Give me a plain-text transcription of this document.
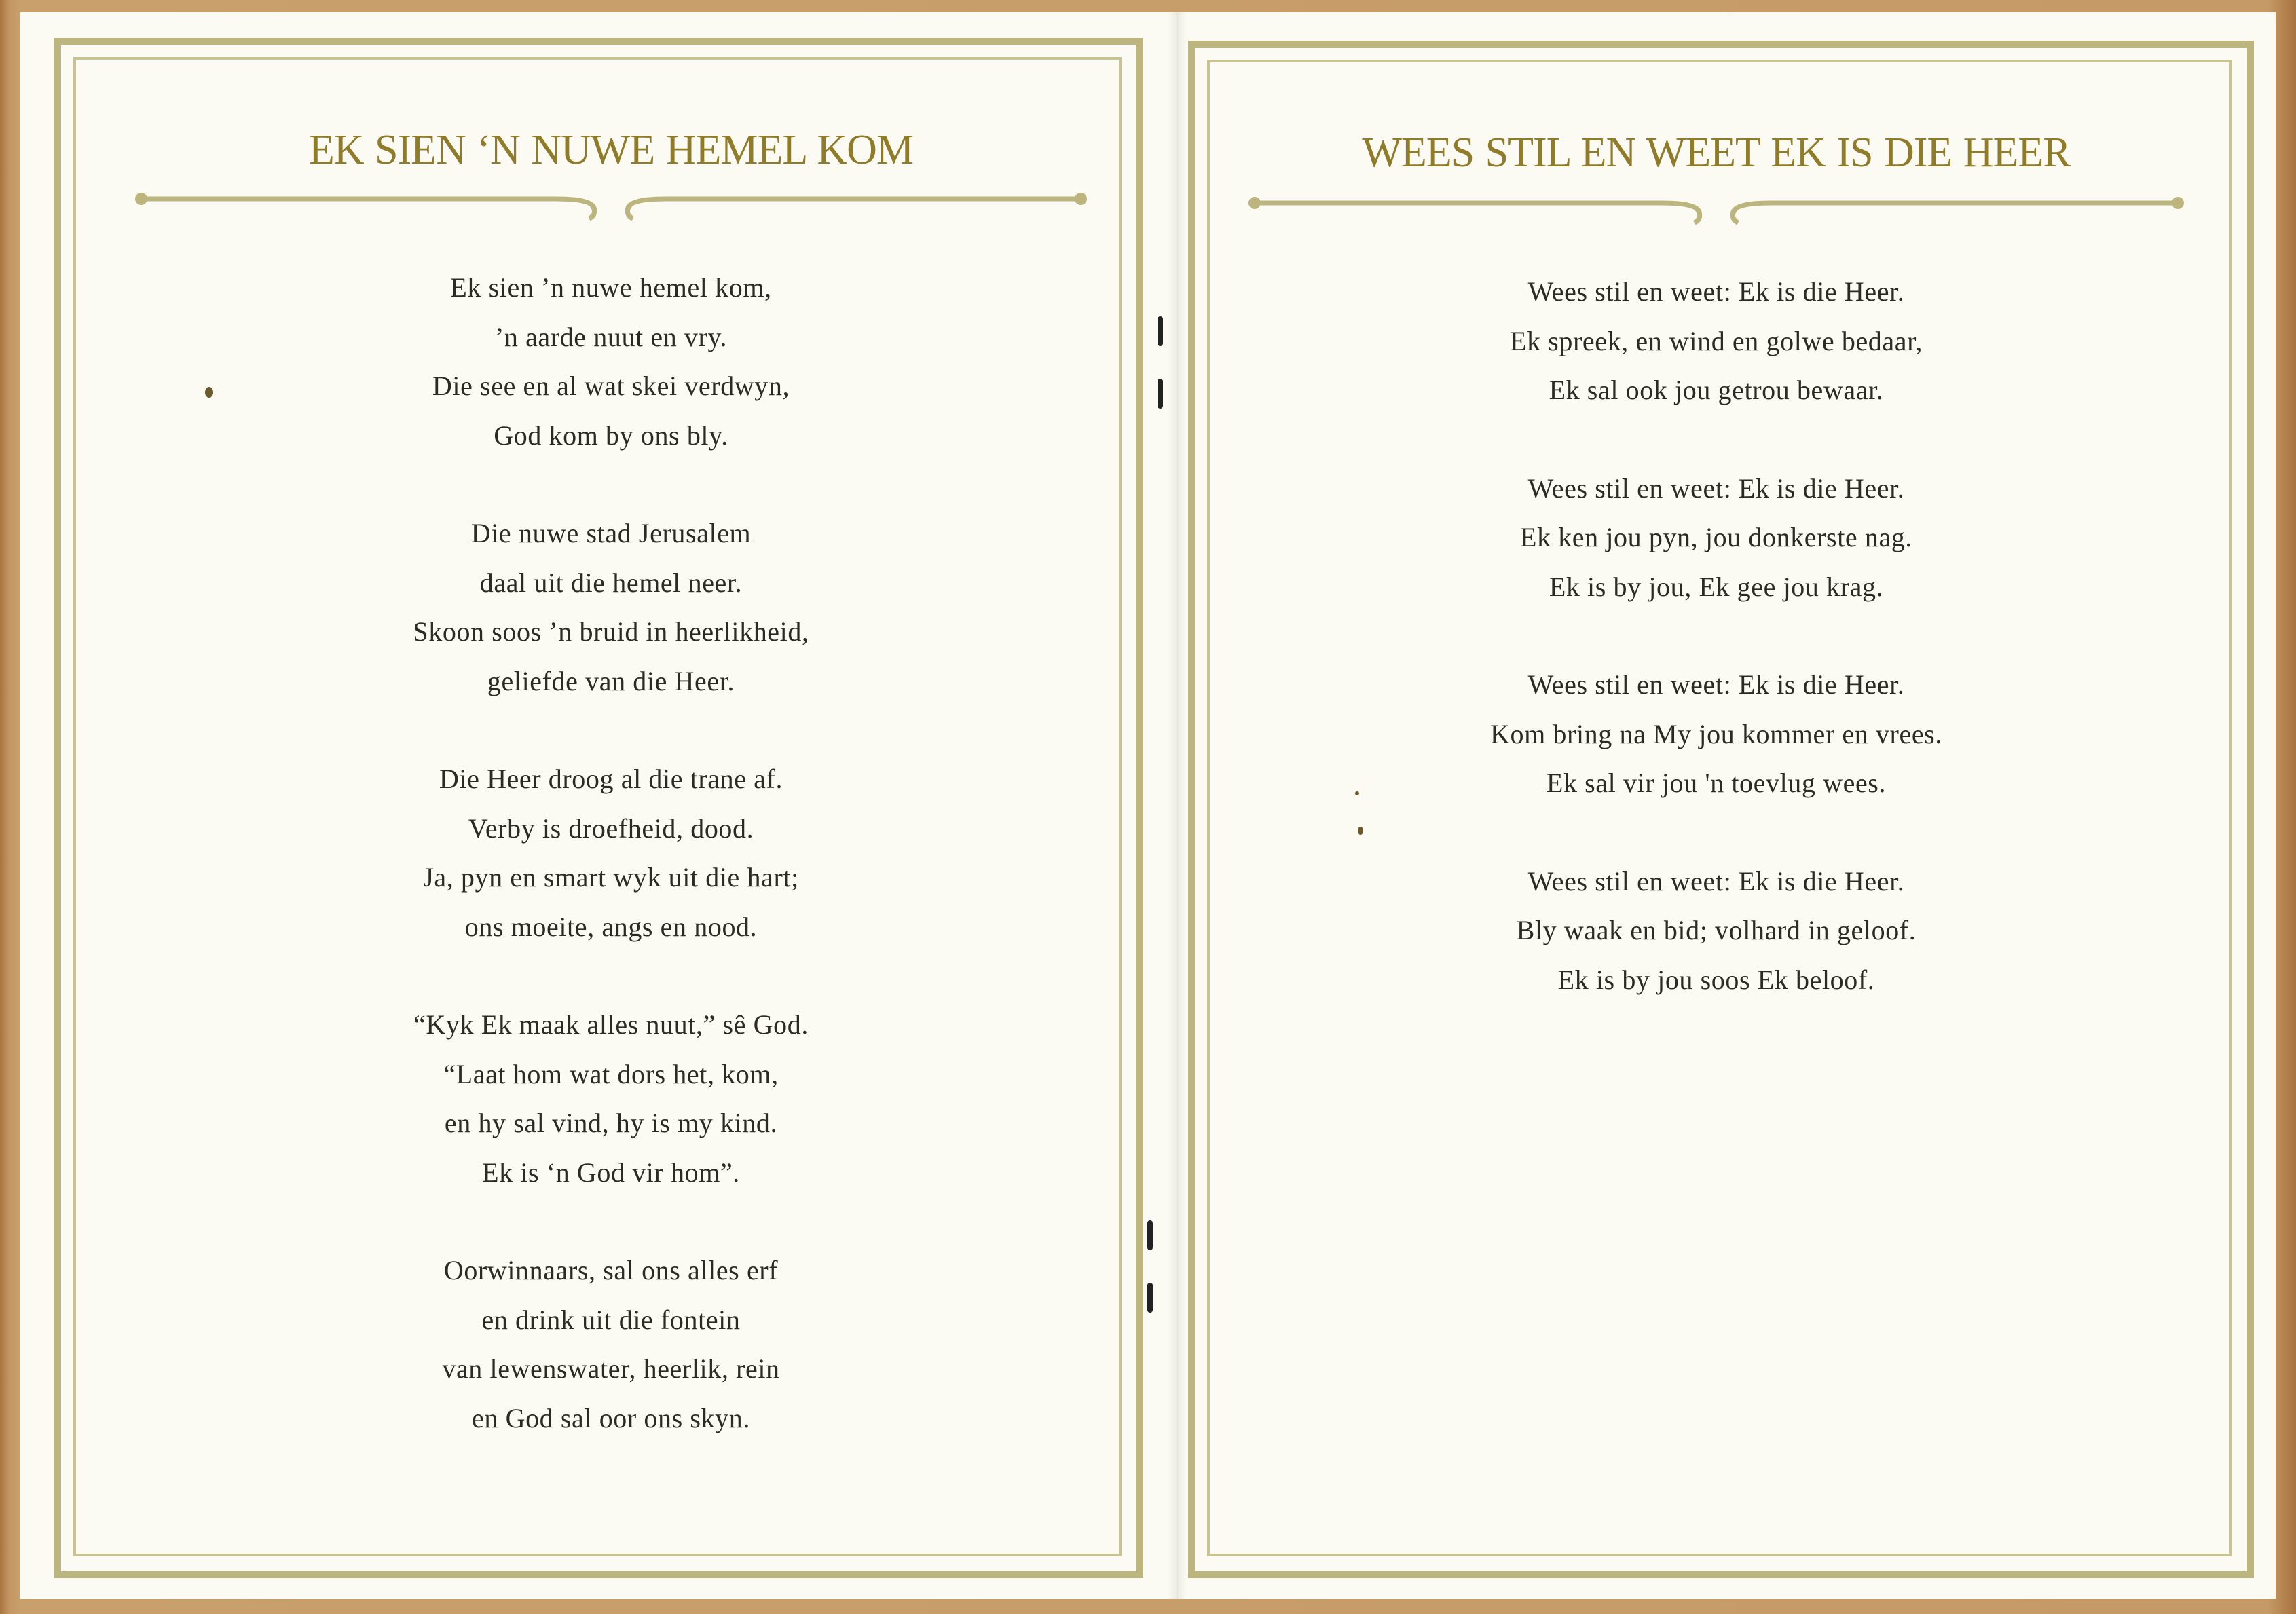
EK SIEN ‘N NUWE HEMEL KOM
Ek sien ’n nuwe hemel kom,
’n aarde nuut en vry.
Die see en al wat skei verdwyn,
God kom by ons bly.
Die nuwe stad Jerusalem
daal uit die hemel neer.
Skoon soos ’n bruid in heerlikheid,
geliefde van die Heer.
Die Heer droog al die trane af.
Verby is droefheid, dood.
Ja, pyn en smart wyk uit die hart;
ons moeite, angs en nood.
“Kyk Ek maak alles nuut,” sê God.
“Laat hom wat dors het, kom,
en hy sal vind, hy is my kind.
Ek is ‘n God vir hom”.
Oorwinnaars, sal ons alles erf
en drink uit die fontein
van lewenswater, heerlik, rein
en God sal oor ons skyn.
WEES STIL EN WEET EK IS DIE HEER
Wees stil en weet: Ek is die Heer.
Ek spreek, en wind en golwe bedaar,
Ek sal ook jou getrou bewaar.
Wees stil en weet: Ek is die Heer.
Ek ken jou pyn, jou donkerste nag.
Ek is by jou, Ek gee jou krag.
Wees stil en weet: Ek is die Heer.
Kom bring na My jou kommer en vrees.
Ek sal vir jou 'n toevlug wees.
Wees stil en weet: Ek is die Heer.
Bly waak en bid; volhard in geloof.
Ek is by jou soos Ek beloof.
